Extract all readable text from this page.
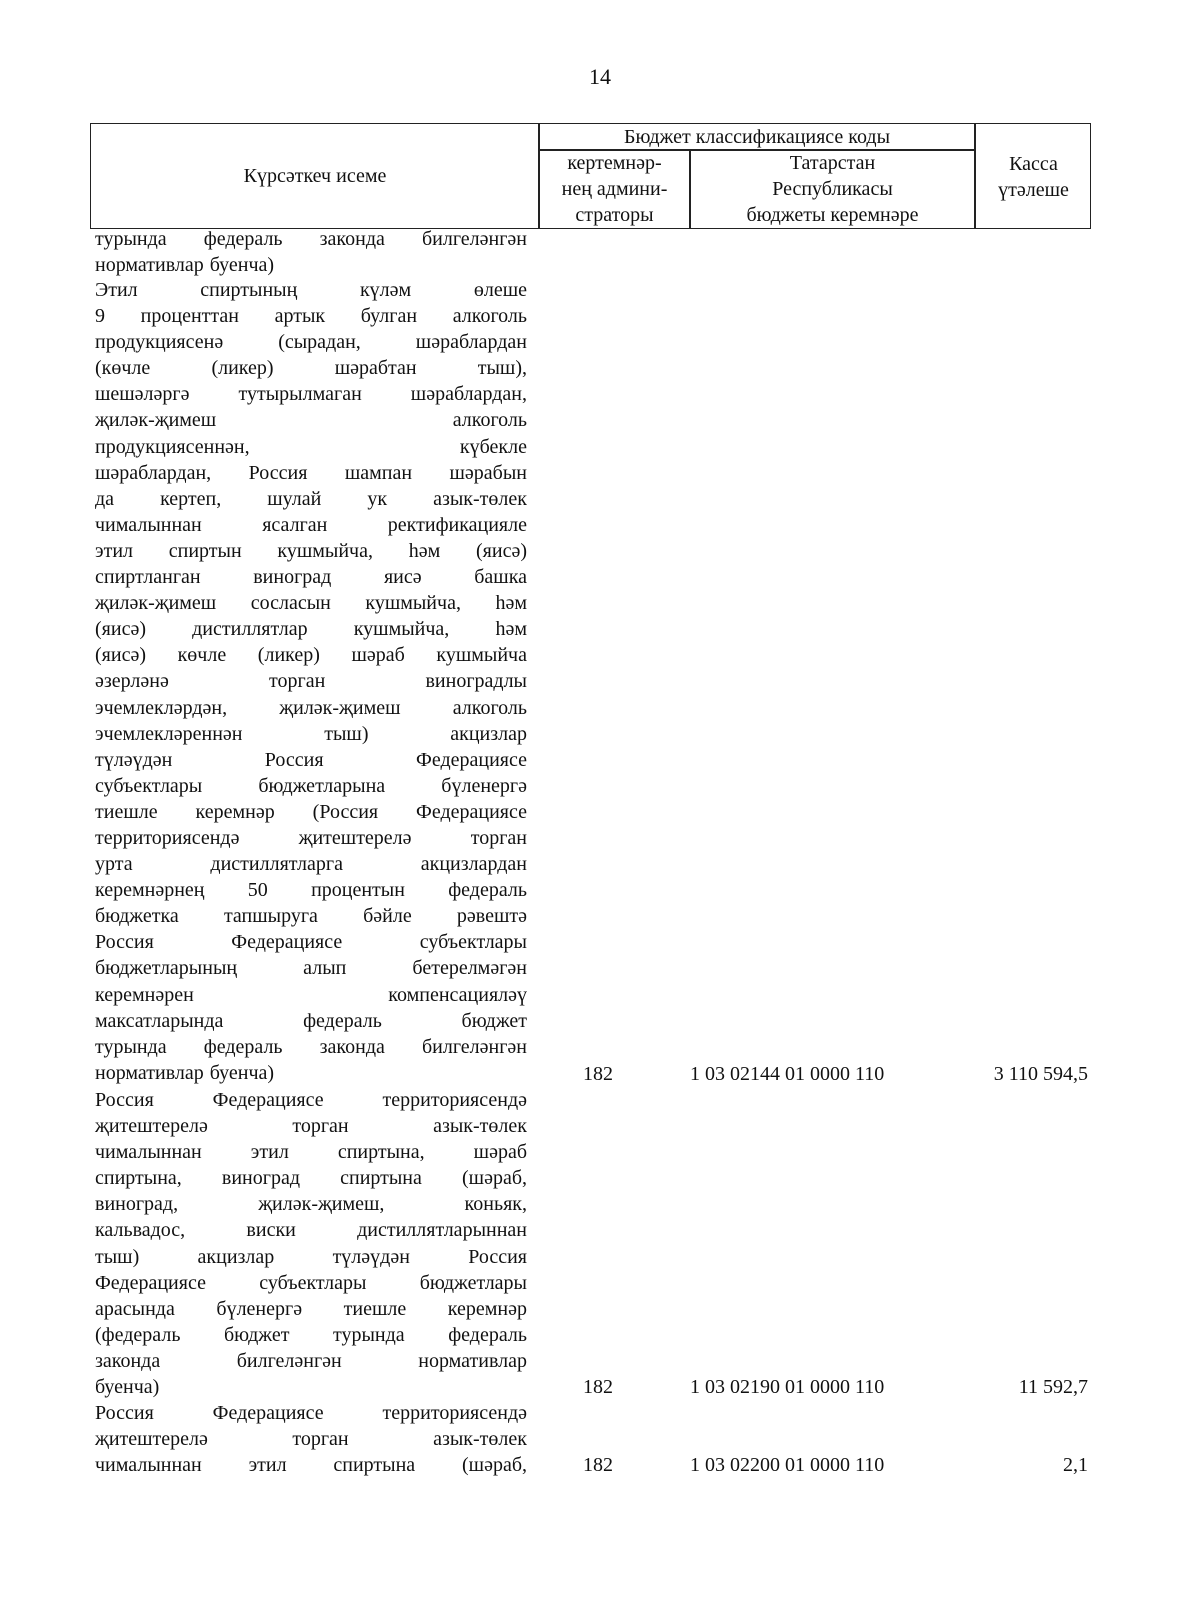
14
Күрсәткеч исеме
Бюджет классификациясе коды
кертемнәр-
нең админи-
страторы
Татарстан
Республикасы
бюджеты керемнәре
Касса
үтәлеше
турында федераль законда билгеләнгән
нормативлар буенча)
Этил спиртының күләм өлеше
9 проценттан артык булган алкоголь
продукциясенә (сырадан, шәраблардан
(көчле (ликер) шәрабтан тыш),
шешәләргә тутырылмаган шәраблардан,
җиләк-җимеш алкоголь
продукциясеннән, күбекле
шәраблардан, Россия шампан шәрабын
да кертеп, шулай ук азык-төлек
чималыннан ясалган ректификацияле
этил спиртын кушмыйча, һәм (яисә)
спиртланган виноград яисә башка
җиләк-җимеш сосласын кушмыйча, һәм
(яисә) дистиллятлар кушмыйча, һәм
(яисә) көчле (ликер) шәраб кушмыйча
әзерләнә торган виноградлы
эчемлекләрдән, җиләк-җимеш алкоголь
эчемлекләреннән тыш) акцизлар
түләүдән Россия Федерациясе
субъектлары бюджетларына бүленергә
тиешле керемнәр (Россия Федерациясе
территориясендә җитештерелә торган
урта дистиллятларга акцизлардан
керемнәрнең 50 процентын федераль
бюджетка тапшыруга бәйле рәвештә
Россия Федерациясе субъектлары
бюджетларының алып бетерелмәгән
керемнәрен компенсацияләү
максатларында федераль бюджет
турында федераль законда билгеләнгән
нормативлар буенча)	182	1 03 02144 01 0000 110	3 110 594,5
Россия Федерациясе территориясендә
җитештерелә торган азык-төлек
чималыннан этил спиртына, шәраб
спиртына, виноград спиртына (шәраб,
виноград, җиләк-җимеш, коньяк,
кальвадос, виски дистиллятларыннан
тыш) акцизлар түләүдән Россия
Федерациясе субъектлары бюджетлары
арасында бүленергә тиешле керемнәр
(федераль бюджет турында федераль
законда билгеләнгән нормативлар
буенча)	182	1 03 02190 01 0000 110	11 592,7
Россия Федерациясе территориясендә
җитештерелә торган азык-төлек
чималыннан этил спиртына (шәраб,	182	1 03 02200 01 0000 110	2,1
